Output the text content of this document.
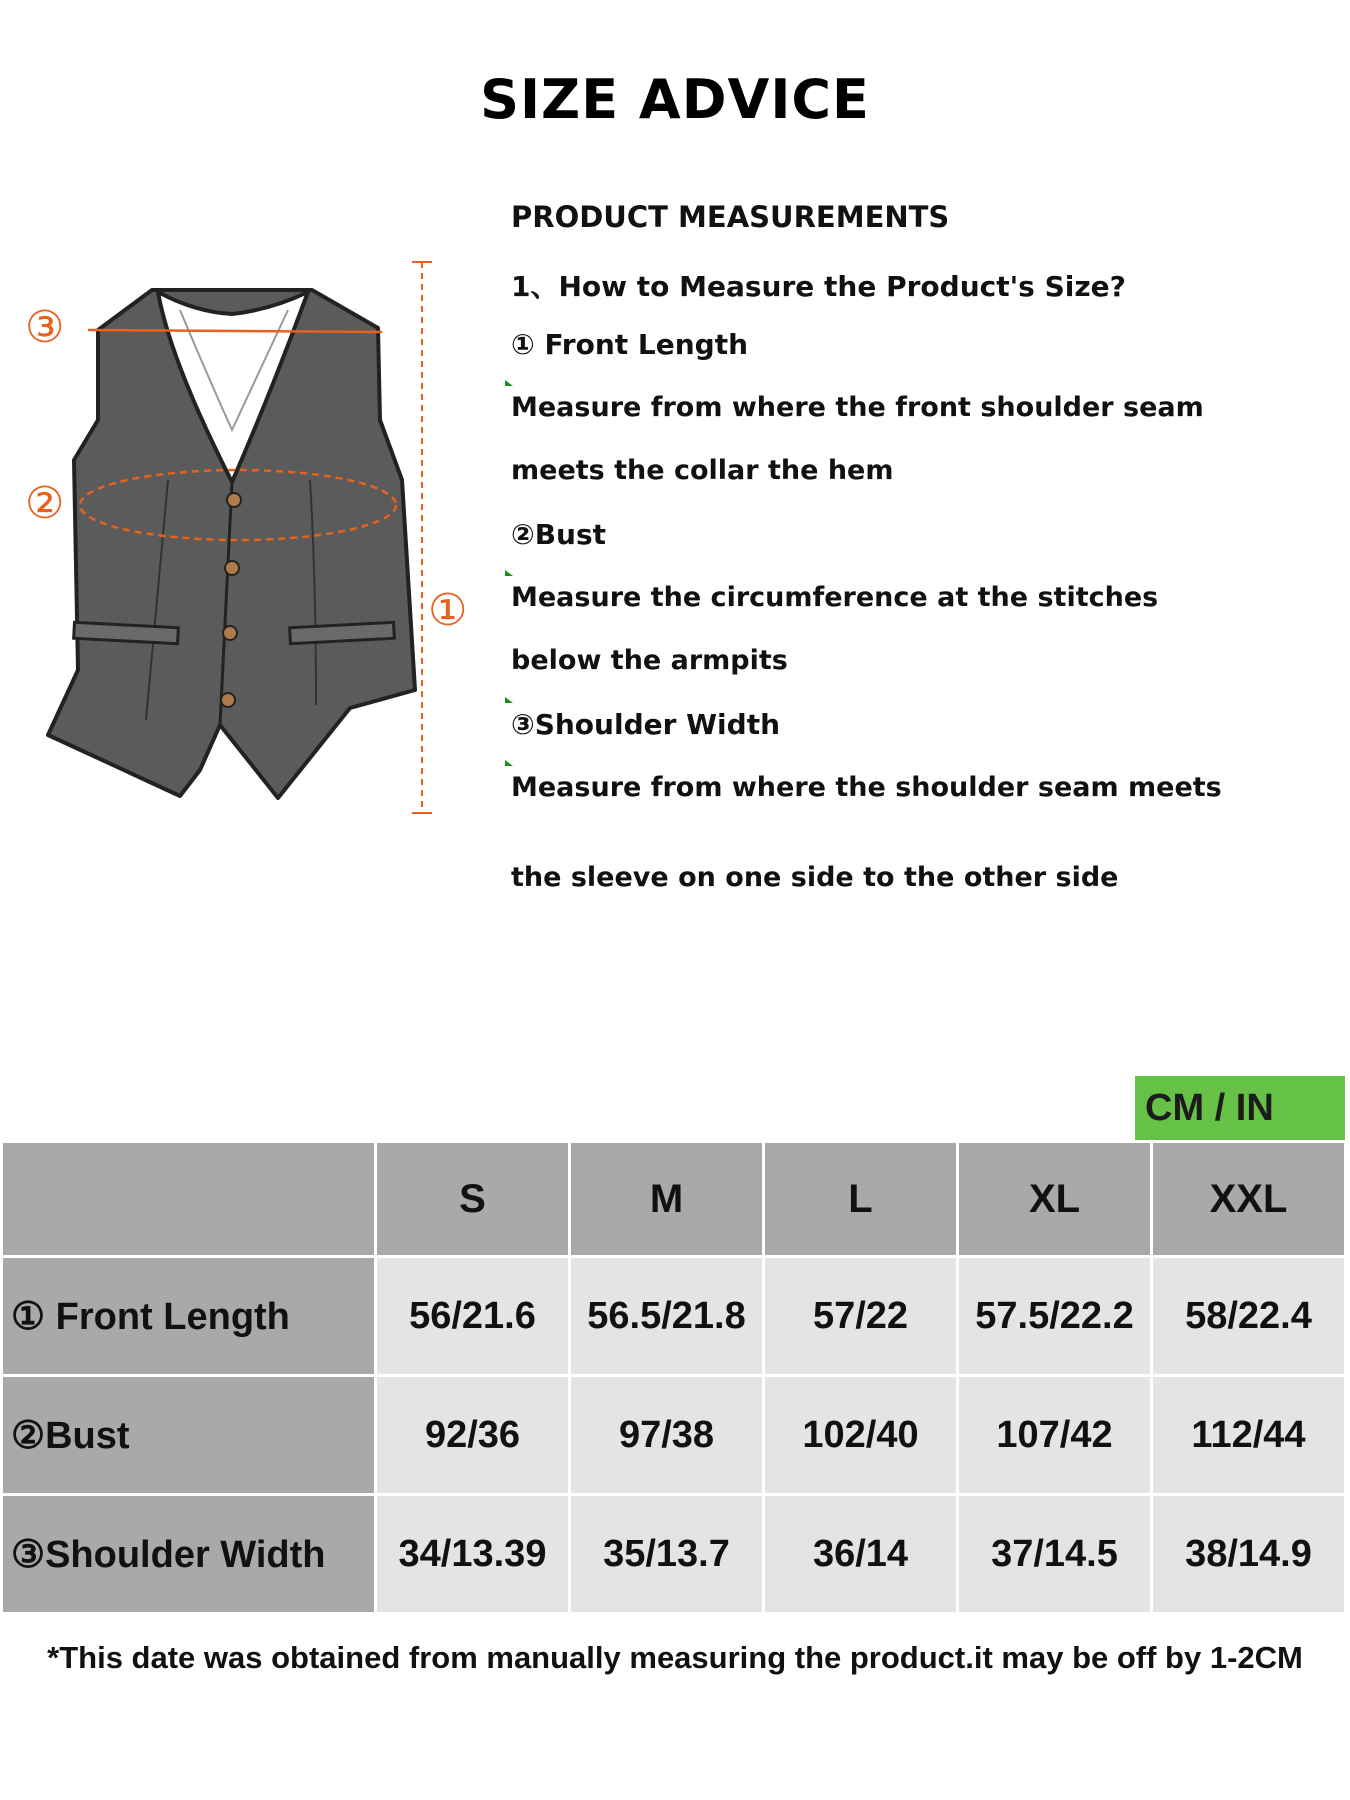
SIZE ADVICE
③
②
①
PRODUCT MEASUREMENTS
1、How to Measure the Product's Size?
① Front Length
Measure from where the front shoulder seam
meets the collar the hem
②Bust
Measure the circumference at the stitches
below the armpits
③Shoulder Width
Measure from where the shoulder seam meets
the sleeve on one side to the other side
CM / IN
	S	M	L	XL	XXL
① Front Length	56/21.6	56.5/21.8	57/22	57.5/22.2	58/22.4
②Bust	92/36	97/38	102/40	107/42	112/44
③Shoulder Width	34/13.39	35/13.7	36/14	37/14.5	38/14.9
*This date was obtained from manually measuring the product.it may be off by 1-2CM
